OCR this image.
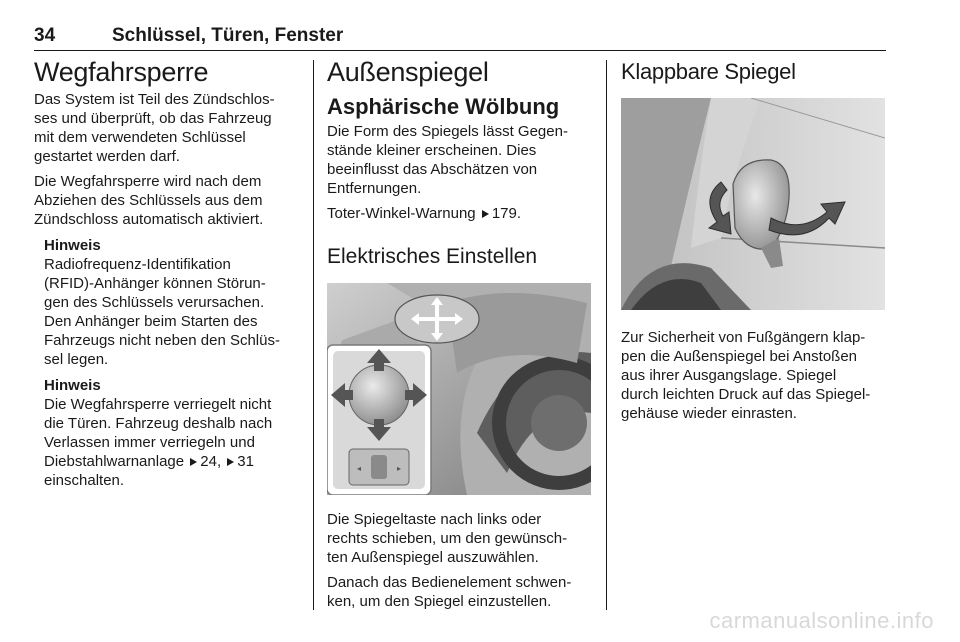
34	Schlüssel, Türen, Fenster
Wegfahrsperre

Das System ist Teil des Zündschlos-
ses und überprüft, ob das Fahrzeug
mit dem verwendeten Schlüssel
gestartet werden darf.

Die Wegfahrsperre wird nach dem
Abziehen des Schlüssels aus dem
Zündschloss automatisch aktiviert.

Hinweis

Radiofrequenz-Identifikation
(RFID)-Anhänger können Störun-
gen des Schlüssels verursachen.
Den Anhänger beim Starten des
Fahrzeugs nicht neben den Schlüs-
sel legen.

Hinweis

Die Wegfahrsperre verriegelt nicht
die Türen. Fahrzeug deshalb nach
Verlassen immer verriegeln und
Diebstahlwarnanlage 24, 31
einschalten.

Außenspiegel
Asphärische Wölbung

Die Form des Spiegels lässt Gegen-
stände kleiner erscheinen. Dies
beeinflusst das Abschätzen von
Entfernungen.

Toter-Winkel-Warnung 179.

Elektrisches Einstellen
◂	▸

Die Spiegeltaste nach links oder
rechts schieben, um den gewünsch-
ten Außenspiegel auszuwählen.

Danach das Bedienelement schwen-
ken, um den Spiegel einzustellen.

Klappbare Spiegel

Zur Sicherheit von Fußgängern klap-
pen die Außenspiegel bei Anstoßen
aus ihrer Ausgangslage. Spiegel
durch leichten Druck auf das Spiegel-
gehäuse wieder einrasten.

carmanualsonline.info
